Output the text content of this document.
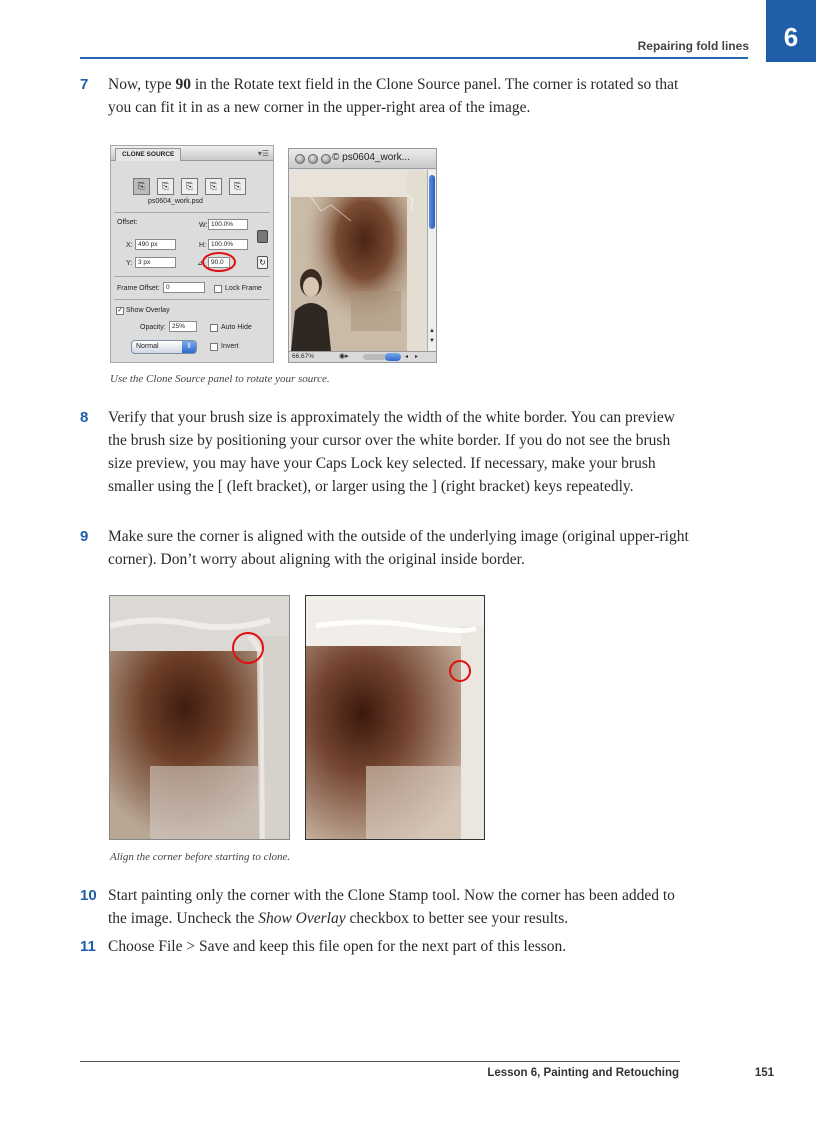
Repairing fold lines	6
7	Now, type 90 in the Rotate text field in the Clone Source panel. The corner is rotated so that you can fit it in as a new corner in the upper-right area of the image.
CLONE SOURCE	▾☰
⎘	⎘	⎘	⎘	⎘
ps0604_work.psd
Offset:	W: 100.0%
X: 490 px	H: 100.0%
Y: 3 px	⊿	90.0	↻
Frame Offset: 0	Lock Frame
✓ Show Overlay
Opacity: 25%	Auto Hide
Normal	⇕	Invert
© ps0604_work...
▲
▼
66.67%	◉▸	◂ ▸
Use the Clone Source panel to rotate your source.
8	Verify that your brush size is approximately the width of the white border. You can preview the brush size by positioning your cursor over the white border. If you do not see the brush size preview, you may have your Caps Lock key selected. If necessary, make your brush smaller using the [ (left bracket), or larger using the ] (right bracket) keys repeatedly.
9	Make sure the corner is aligned with the outside of the underlying image (original upper-right corner). Don’t worry about aligning with the original inside border.
Align the corner before starting to clone.
10 Start painting only the corner with the Clone Stamp tool. Now the corner has been added to the image. Uncheck the Show Overlay checkbox to better see your results.
11 Choose File > Save and keep this file open for the next part of this lesson.
Lesson 6, Painting and Retouching	151
